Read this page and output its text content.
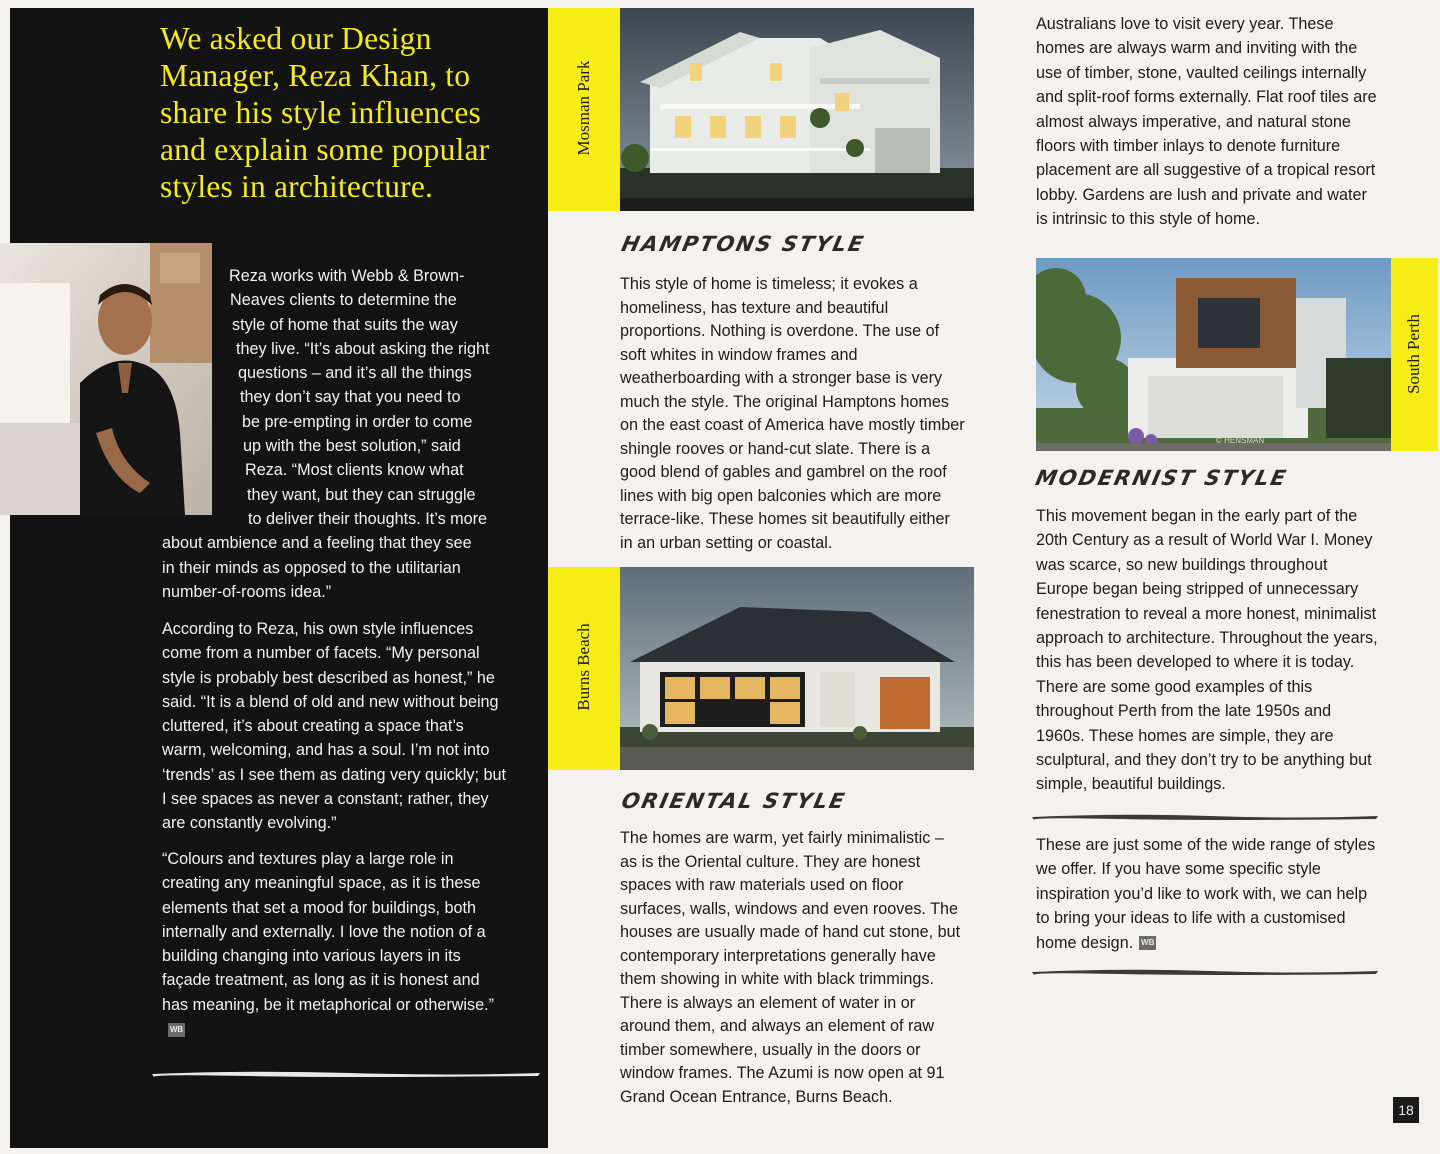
We asked our Design
Manager, Reza Khan, to
share his style influences
and explain some popular
styles in architecture.
Reza works with Webb & Brown-
Neaves clients to determine the
style of home that suits the way
they live. “It’s about asking the right
questions – and it’s all the things
they don’t say that you need to
be pre-empting in order to come
up with the best solution,” said
Reza. “Most clients know what
they want, but they can struggle
to deliver their thoughts. It’s more
about ambience and a feeling that they see
in their minds as opposed to the utilitarian
number-of-rooms idea.”

According to Reza, his own style influences come from a number of facets. “My personal style is probably best described as honest,” he said. “It is a blend of old and new without being cluttered, it’s about creating a space that’s warm, welcoming, and has a soul. I’m not into ‘trends’ as I see them as dating very quickly; but I see spaces as never a constant; rather, they are constantly evolving.”

“Colours and textures play a large role in creating any meaningful space, as it is these elements that set a mood for buildings, both internally and externally. I love the notion of a building changing into various layers in its façade treatment, as long as it is honest and has meaning, be it metaphorical or otherwise.”WB

Mosman Park
HAMPTONS STYLE

This style of home is timeless; it evokes a homeliness, has texture and beautiful proportions. Nothing is overdone. The use of soft whites in window frames and weatherboarding with a stronger base is very much the style. The original Hamptons homes on the east coast of America have mostly timber shingle rooves or hand-cut slate. There is a good blend of gables and gambrel on the roof lines with big open balconies which are more terrace-like. These homes sit beautifully either in an urban setting or coastal.

Burns Beach
ORIENTAL STYLE

The homes are warm, yet fairly minimalistic – as is the Oriental culture. They are honest spaces with raw materials used on floor surfaces, walls, windows and even rooves. The houses are usually made of hand cut stone, but contemporary interpretations generally have them showing in white with black trimmings. There is always an element of water in or around them, and always an element of raw timber somewhere, usually in the doors or window frames. The Azumi is now open at 91 Grand Ocean Entrance, Burns Beach.

Australians love to visit every year. These homes are always warm and inviting with the use of timber, stone, vaulted ceilings internally and split-roof forms externally. Flat roof tiles are almost always imperative, and natural stone floors with timber inlays to denote furniture placement are all suggestive of a tropical resort lobby. Gardens are lush and private and water is intrinsic to this style of home.

© HENSMAN
South Perth
MODERNIST STYLE

This movement began in the early part of the 20th Century as a result of World War I. Money was scarce, so new buildings throughout Europe began being stripped of unnecessary fenestration to reveal a more honest, minimalist approach to architecture. Throughout the years, this has been developed to where it is today. There are some good examples of this throughout Perth from the late 1950s and 1960s. These homes are simple, they are sculptural, and they don’t try to be anything but simple, beautiful buildings.

These are just some of the wide range of styles we offer. If you have some specific style inspiration you’d like to work with, we can help to bring your ideas to life with a customised home design. WB

18
